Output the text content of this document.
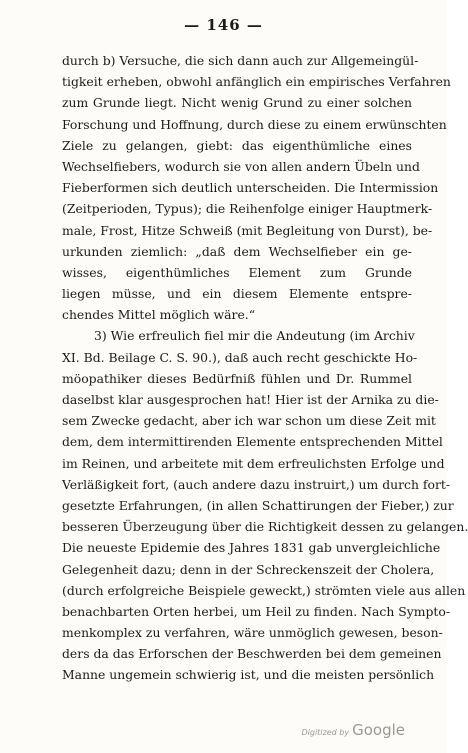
— 146 —
durch b) Versuche, die sich dann auch zur Allgemeingül-
tigkeit erheben, obwohl anfänglich ein empirisches Verfahren
zum Grunde liegt. Nicht wenig Grund zu einer solchen
Forschung und Hoffnung, durch diese zu einem erwünschten
Ziele zu gelangen, giebt: das eigenthümliche eines
Wechselfiebers, wodurch sie von allen andern Übeln und
Fieberformen sich deutlich unterscheiden. Die Intermission
(Zeitperioden, Typus); die Reihenfolge einiger Hauptmerk-
male, Frost, Hitze Schweiß (mit Begleitung von Durst), be-
urkunden ziemlich: „daß dem Wechselfieber ein ge-
wisses, eigenthümliches Element zum Grunde
liegen müsse, und ein diesem Elemente entspre-
chendes Mittel möglich wäre.“
3) Wie erfreulich fiel mir die Andeutung (im Archiv
XI. Bd. Beilage C. S. 90.), daß auch recht geschickte Ho-
möopathiker dieses Bedürfniß fühlen und Dr. Rummel
daselbst klar ausgesprochen hat! Hier ist der Arnika zu die-
sem Zwecke gedacht, aber ich war schon um diese Zeit mit
dem, dem intermittirenden Elemente entsprechenden Mittel
im Reinen, und arbeitete mit dem erfreulichsten Erfolge und
Verläßigkeit fort, (auch andere dazu instruirt,) um durch fort-
gesetzte Erfahrungen, (in allen Schattirungen der Fieber,) zur
besseren Überzeugung über die Richtigkeit dessen zu gelangen.
Die neueste Epidemie des Jahres 1831 gab unvergleichliche
Gelegenheit dazu; denn in der Schreckenszeit der Cholera,
(durch erfolgreiche Beispiele geweckt,) strömten viele aus allen
benachbarten Orten herbei, um Heil zu finden. Nach Sympto-
menkomplex zu verfahren, wäre unmöglich gewesen, beson-
ders da das Erforschen der Beschwerden bei dem gemeinen
Manne ungemein schwierig ist, und die meisten persönlich
Digitized by Google
